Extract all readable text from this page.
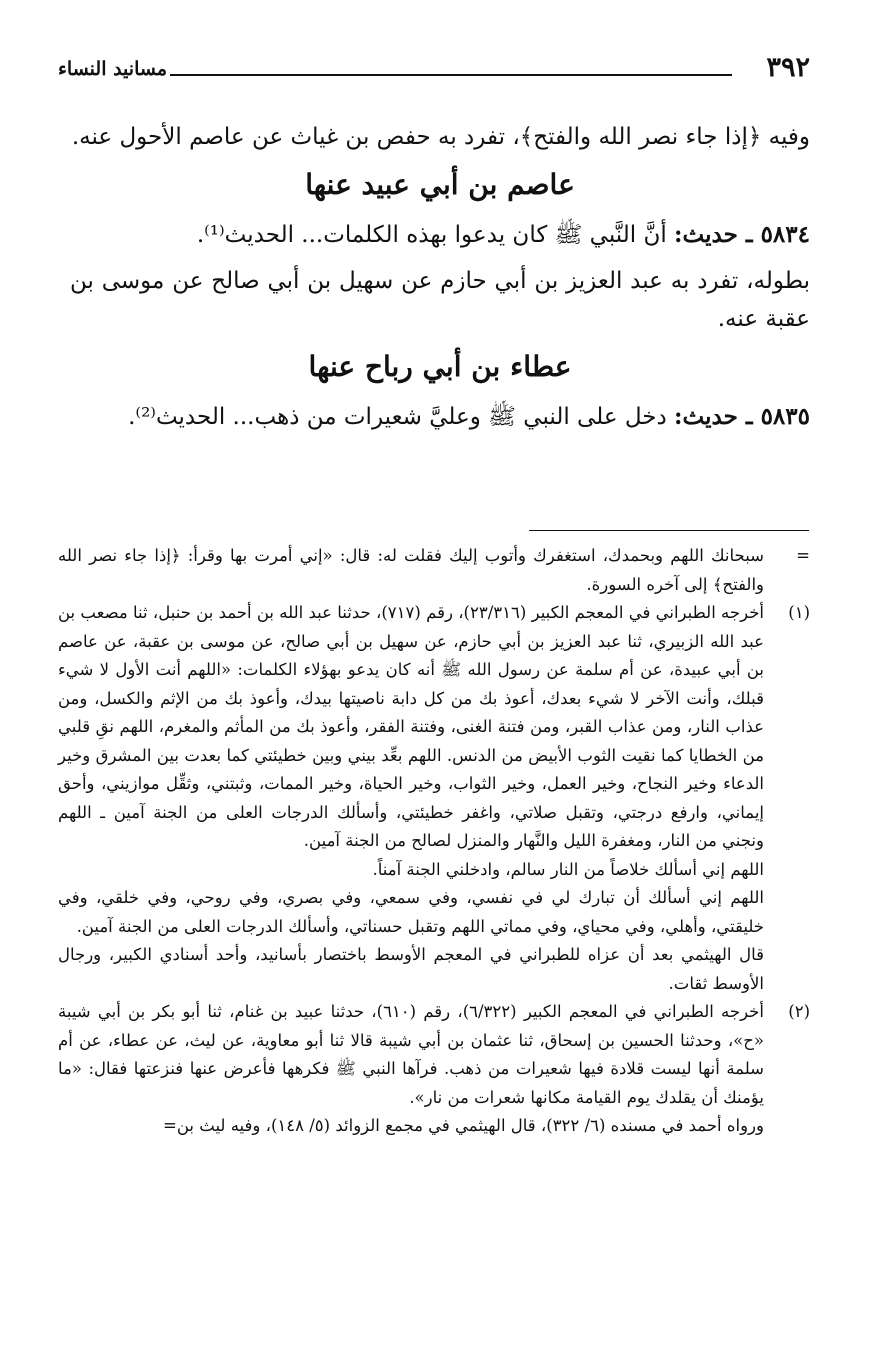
٣٩٢
مسانيد النساء

وفيه ﴿إذا جاء نصر الله والفتح﴾، تفرد به حفص بن غياث عن عاصم الأحول عنه.

عاصم بن أبي عبيد عنها

٥٨٣٤ ـ حديث: أنَّ النَّبي ﷺ كان يدعوا بهذه الكلمات... الحديث⁽¹⁾.

بطوله، تفرد به عبد العزيز بن أبي حازم عن سهيل بن أبي صالح عن موسى بن عقبة عنه.

عطاء بن أبي رباح عنها

٥٨٣٥ ـ حديث: دخل على النبي ﷺ وعليَّ شعيرات من ذهب... الحديث⁽²⁾.

=

سبحانك اللهم وبحمدك، استغفرك وأتوب إليك فقلت له: قال: «إني أمرت بها وقرأ: ﴿إذا جاء نصر الله والفتح﴾ إلى آخره السورة.

(١)

أخرجه الطبراني في المعجم الكبير (٢٣/٣١٦)، رقم (٧١٧)، حدثنا عبد الله بن أحمد بن حنبل، ثنا مصعب بن عبد الله الزبيري، ثنا عبد العزيز بن أبي حازم، عن سهيل بن أبي صالح، عن موسى بن عقبة، عن عاصم بن أبي عبيدة، عن أم سلمة عن رسول الله ﷺ أنه كان يدعو بهؤلاء الكلمات: «اللهم أنت الأول لا شيء قبلك، وأنت الآخر لا شيء بعدك، أعوذ بك من كل دابة ناصيتها بيدك، وأعوذ بك من الإثم والكسل، ومن عذاب النار، ومن عذاب القبر، ومن فتنة الغنى، وفتنة الفقر، وأعوذ بك من المأثم والمغرم، اللهم نقِ قلبي من الخطايا كما نقيت الثوب الأبيض من الدنس. اللهم بعِّد بيني وبين خطيئتي كما بعدت بين المشرق وخير الدعاء وخير النجاح، وخير العمل، وخير الثواب، وخير الحياة، وخير الممات، وثبتني، وثقِّل موازيني، وأحق إيماني، وارفع درجتي، وتقبل صلاتي، واغفر خطيئتي، وأسألك الدرجات العلى من الجنة آمين ـ اللهم ونجني من النار، ومغفرة الليل والنَّهار والمنزل لصالح من الجنة آمين.

اللهم إني أسألك خلاصاً من النار سالم، وادخلني الجنة آمناً.

اللهم إني أسألك أن تبارك لي في نفسي، وفي سمعي، وفي بصري، وفي روحي، وفي خلقي، وفي خليقتي، وأهلي، وفي محياي، وفي مماتي اللهم وتقبل حسناتي، وأسألك الدرجات العلى من الجنة آمين.

قال الهيثمي بعد أن عزاه للطبراني في المعجم الأوسط باختصار بأسانيد، وأحد أسنادي الكبير، ورجال الأوسط ثقات.

(٢)

أخرجه الطبراني في المعجم الكبير (٦/٣٢٢)، رقم (٦١٠)، حدثنا عبيد بن غنام، ثنا أبو بكر بن أبي شيبة «ح»، وحدثنا الحسين بن إسحاق، ثنا عثمان بن أبي شيبة قالا ثنا أبو معاوية، عن ليث، عن عطاء، عن أم سلمة أنها ليست قلادة فيها شعيرات من ذهب. فرآها النبي ﷺ فكرهها فأعرض عنها فنزعتها فقال: «ما يؤمنك أن يقلدك يوم القيامة مكانها شعرات من نار».

ورواه أحمد في مسنده (٦/ ٣٢٢)، قال الهيثمي في مجمع الزوائد (٥/ ١٤٨)، وفيه ليث بن=
